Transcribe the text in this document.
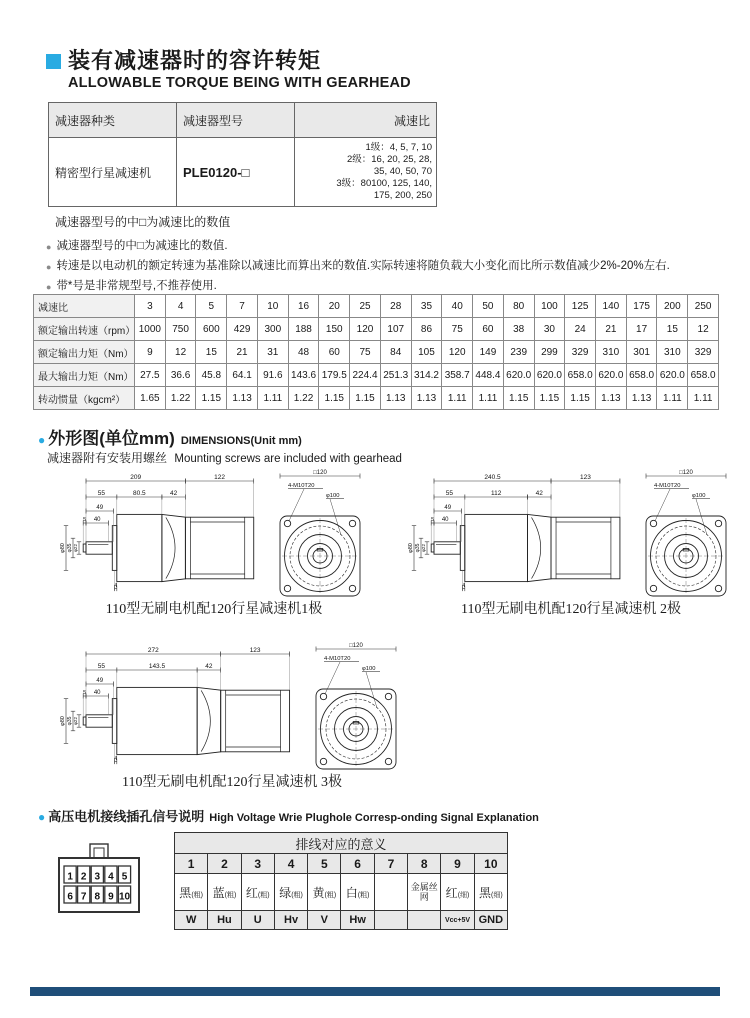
装有减速器时的容许转矩
ALLOWABLE TORQUE BEING WITH GEARHEAD
减速器种类	减速器型号	减速比
精密型行星减速机	PLE0120-□	1级：4, 5, 7, 10
2级：16, 20, 25, 28,
35, 40, 50, 70
3级：80100, 125, 140,
175, 200, 250
减速器型号的中□为减速比的数值
● 减速器型号的中□为减速比的数值.
● 转速是以电动机的额定转速为基准除以减速比而算出来的数值.实际转速将随负载大小变化而比所示数值减少2%-20%左右.
● 带*号是非常规型号,不推荐使用.
减速比	3	4	5	7	10	16	20	25	28	35	40	50	80	100	125	140	175	200	250
额定输出转速（rpm）	1000	750	600	429	300	188	150	120	107	86	75	60	38	30	24	21	17	15	12
额定输出力矩（Nm）	9	12	15	21	31	48	60	75	84	105	120	149	239	299	329	310	301	310	329
最大输出力矩（Nm）	27.5	36.6	45.8	64.1	91.6	143.6	179.5	224.4	251.3	314.2	358.7	448.4	620.0	620.0	658.0	620.0	658.0	620.0	658.0
转动惯量（kgcm²）	1.65	1.22	1.15	1.13	1.11	1.22	1.15	1.15	1.13	1.13	1.11	1.11	1.15	1.15	1.15	1.13	1.13	1.11	1.11
● 外形图(单位mm) DIMENSIONS(Unit mm)
减速器附有安装用螺丝 Mounting screws are included with gearhead
209	122
55	80.5	42
49
5 40
4
φ80 φ35 φ22
□120
4-M10T20
φ100
110型无刷电机配120行星减速机1极
240.5	123
55	112	42
49
5 40
4
φ80 φ35 φ22
□120
4-M10T20
φ100
110型无刷电机配120行星减速机 2极
272	123
55	143.5	42
49
5 40
4
φ80 φ35 φ22
□120
4-M10T20
φ100
110型无刷电机配120行星减速机 3极
● 高压电机接线插孔信号说明 High Voltage Wrie Plughole Corresp-onding Signal Explanation
1
6
2
7
3
8
4
9
5
10
排线对应的意义									
1	2	3	4	5	6	7	8	9	10
黑(粗)	蓝(粗)	红(粗)	绿(粗)	黄(粗)	白(粗)		金属丝网	红(细)	黑(细)
W	Hu	U	Hv	V	Hw			Vcc+5V	GND
